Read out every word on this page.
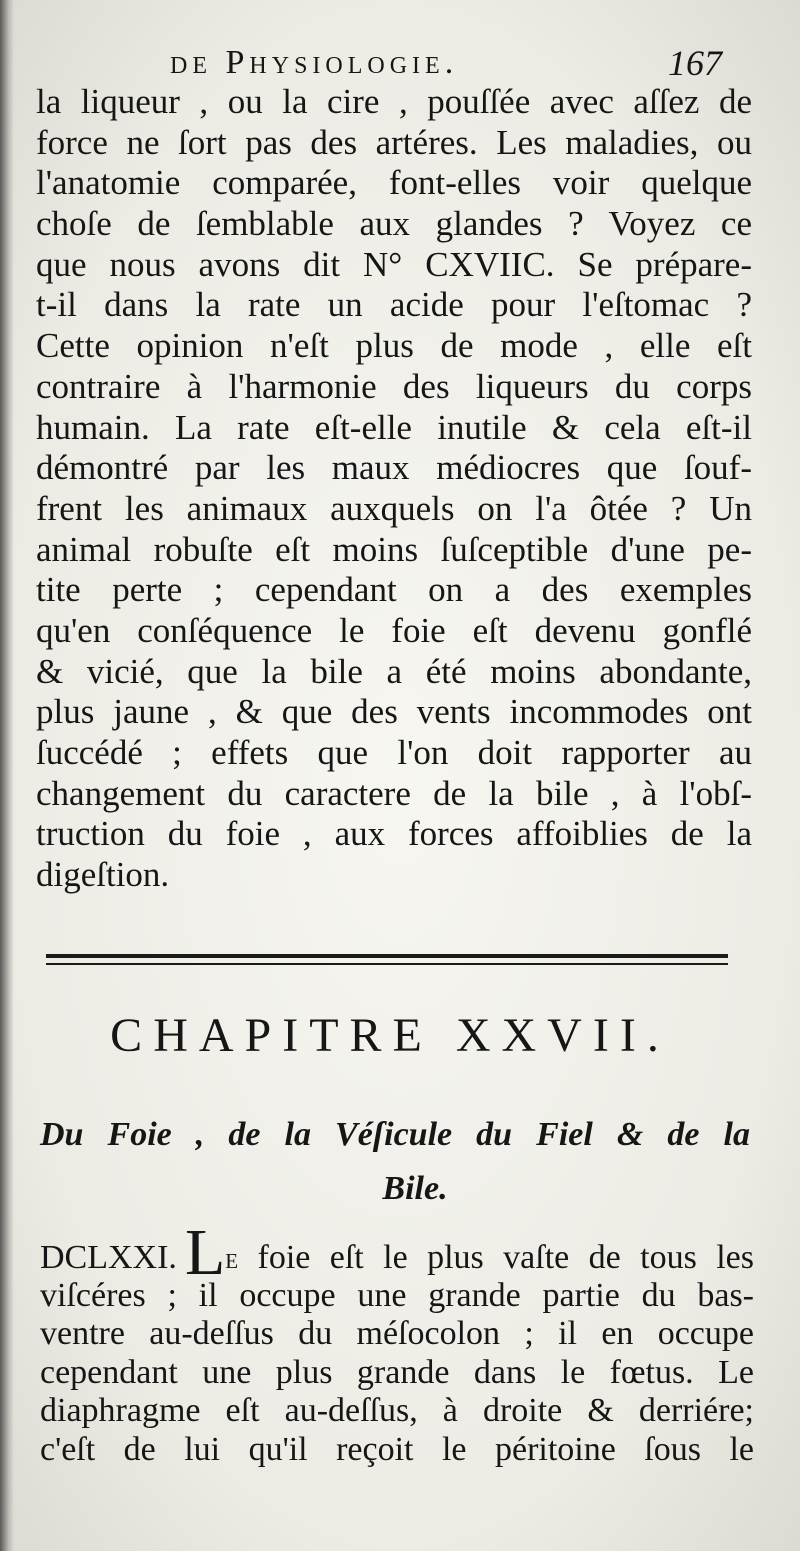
de Physiologie.	167
la liqueur , ou la cire , pouſſée avec aſſez de
force ne ſort pas des artéres. Les maladies, ou
l'anatomie comparée, font-elles voir quelque
choſe de ſemblable aux glandes ? Voyez ce
que nous avons dit N° CXVIIC. Se prépare-
t-il dans la rate un acide pour l'eſtomac ?
Cette opinion n'eſt plus de mode , elle eſt
contraire à l'harmonie des liqueurs du corps
humain. La rate eſt-elle inutile & cela eſt-il
démontré par les maux médiocres que ſouf-
frent les animaux auxquels on l'a ôtée ? Un
animal robuſte eſt moins ſuſceptible d'une pe-
tite perte ; cependant on a des exemples
qu'en conſéquence le foie eſt devenu gonflé
& vicié, que la bile a été moins abondante,
plus jaune , & que des vents incommodes ont
ſuccédé ; effets que l'on doit rapporter au
changement du caractere de la bile , à l'obſ-
truction du foie , aux forces affoiblies de la
digeſtion.
CHAPITRE XXVII.
Du Foie , de la Véſicule du Fiel & de la
Bile.
DCLXXI. Le foie eſt le plus vaſte de tous les
viſcéres ; il occupe une grande partie du bas-
ventre au-deſſus du méſocolon ; il en occupe
cependant une plus grande dans le fœtus. Le
diaphragme eſt au-deſſus, à droite & derriére;
c'eſt de lui qu'il reçoit le péritoine ſous le
